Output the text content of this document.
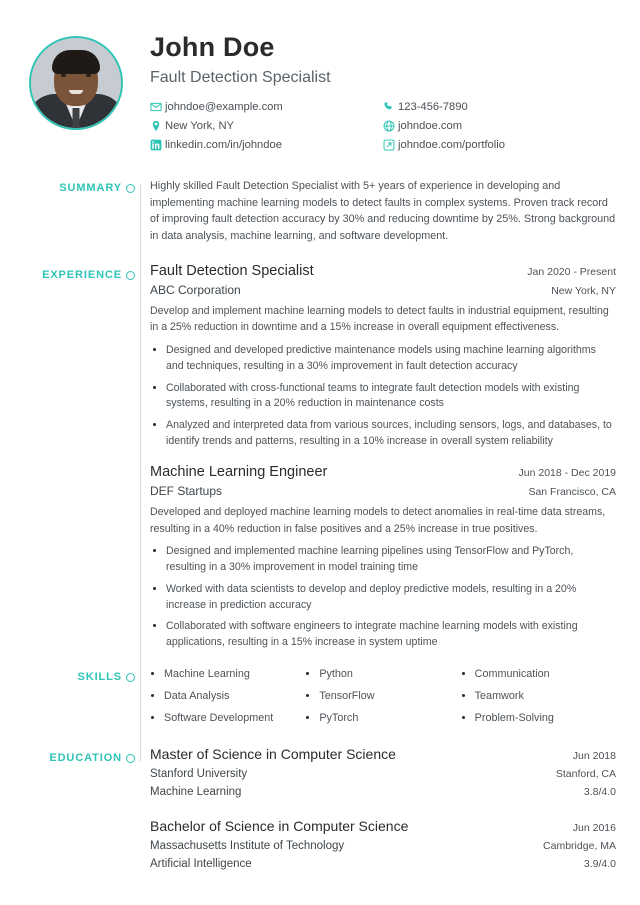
John Doe
Fault Detection Specialist
johndoe@example.com
New York, NY
linkedin.com/in/johndoe
123-456-7890
johndoe.com
johndoe.com/portfolio
SUMMARY	Highly skilled Fault Detection Specialist with 5+ years of experience in developing and implementing machine learning models to detect faults in complex systems. Proven track record of improving fault detection accuracy by 30% and reducing downtime by 25%. Strong background in data analysis, machine learning, and software development.

EXPERIENCE Fault Detection Specialist	Jan 2020 - Present
ABC Corporation	New York, NY
Develop and implement machine learning models to detect faults in industrial equipment, resulting in a 25% reduction in downtime and a 15% increase in overall equipment effectiveness.
• Designed and developed predictive maintenance models using machine learning algorithms and techniques, resulting in a 30% improvement in fault detection accuracy
• Collaborated with cross-functional teams to integrate fault detection models with existing systems, resulting in a 20% reduction in maintenance costs
• Analyzed and interpreted data from various sources, including sensors, logs, and databases, to identify trends and patterns, resulting in a 10% increase in overall system reliability
Machine Learning Engineer	Jun 2018 - Dec 2019
DEF Startups	San Francisco, CA
Developed and deployed machine learning models to detect anomalies in real-time data streams, resulting in a 40% reduction in false positives and a 25% increase in true positives.
• Designed and implemented machine learning pipelines using TensorFlow and PyTorch, resulting in a 30% improvement in model training time
• Worked with data scientists to develop and deploy predictive models, resulting in a 20% increase in prediction accuracy
• Collaborated with software engineers to integrate machine learning models with existing applications, resulting in a 15% increase in system uptime
SKILLS	• Machine Learning
• Data Analysis
• Software Development
• Python
• TensorFlow
• PyTorch
• Communication
• Teamwork
• Problem-Solving
EDUCATION Master of Science in Computer Science	Jun 2018
Stanford University	Stanford, CA
Machine Learning	3.8/4.0
Bachelor of Science in Computer Science	Jun 2016
Massachusetts Institute of Technology	Cambridge, MA
Artificial Intelligence	3.9/4.0
